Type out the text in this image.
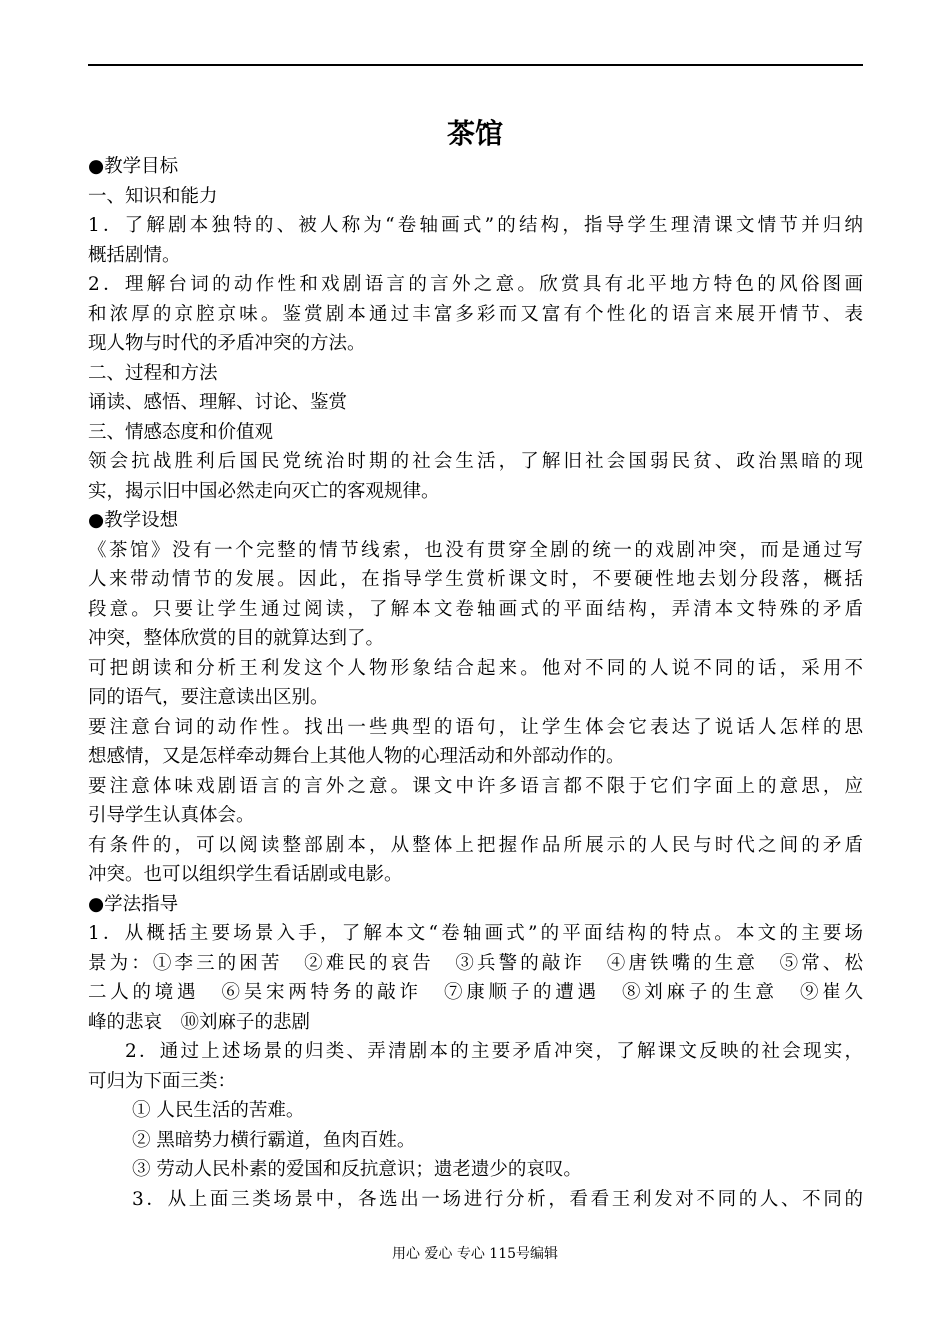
茶馆
●教学目标
一、知识和能力
1．了解剧本独特的、被人称为“卷轴画式”的结构，指导学生理清课文情节并归纳
概括剧情。
2．理解台词的动作性和戏剧语言的言外之意。欣赏具有北平地方特色的风俗图画
和浓厚的京腔京味。鉴赏剧本通过丰富多彩而又富有个性化的语言来展开情节、表
现人物与时代的矛盾冲突的方法。
二、过程和方法
诵读、感悟、理解、讨论、鉴赏
三、情感态度和价值观
领会抗战胜利后国民党统治时期的社会生活，了解旧社会国弱民贫、政治黑暗的现
实，揭示旧中国必然走向灭亡的客观规律。
●教学设想
《茶馆》没有一个完整的情节线索，也没有贯穿全剧的统一的戏剧冲突，而是通过写
人来带动情节的发展。因此，在指导学生赏析课文时，不要硬性地去划分段落，概括
段意。只要让学生通过阅读，了解本文卷轴画式的平面结构，弄清本文特殊的矛盾
冲突，整体欣赏的目的就算达到了。
可把朗读和分析王利发这个人物形象结合起来。他对不同的人说不同的话，采用不
同的语气，要注意读出区别。
要注意台词的动作性。找出一些典型的语句，让学生体会它表达了说话人怎样的思
想感情，又是怎样牵动舞台上其他人物的心理活动和外部动作的。
要注意体味戏剧语言的言外之意。课文中许多语言都不限于它们字面上的意思，应
引导学生认真体会。
有条件的，可以阅读整部剧本，从整体上把握作品所展示的人民与时代之间的矛盾
冲突。也可以组织学生看话剧或电影。
●学法指导
1．从概括主要场景入手，了解本文“卷轴画式”的平面结构的特点。本文的主要场
景为：①李三的困苦　②难民的哀告　③兵警的敲诈　④唐铁嘴的生意　⑤常、松
二人的境遇　⑥吴宋两特务的敲诈　⑦康顺子的遭遇　⑧刘麻子的生意　⑨崔久
峰的悲哀　⑩刘麻子的悲剧
2．通过上述场景的归类、弄清剧本的主要矛盾冲突，了解课文反映的社会现实，
可归为下面三类：
① 人民生活的苦难。
② 黑暗势力横行霸道，鱼肉百姓。
③ 劳动人民朴素的爱国和反抗意识；遗老遗少的哀叹。
3．从上面三类场景中，各选出一场进行分析，看看王利发对不同的人、不同的
用心 爱心 专心 115号编辑
